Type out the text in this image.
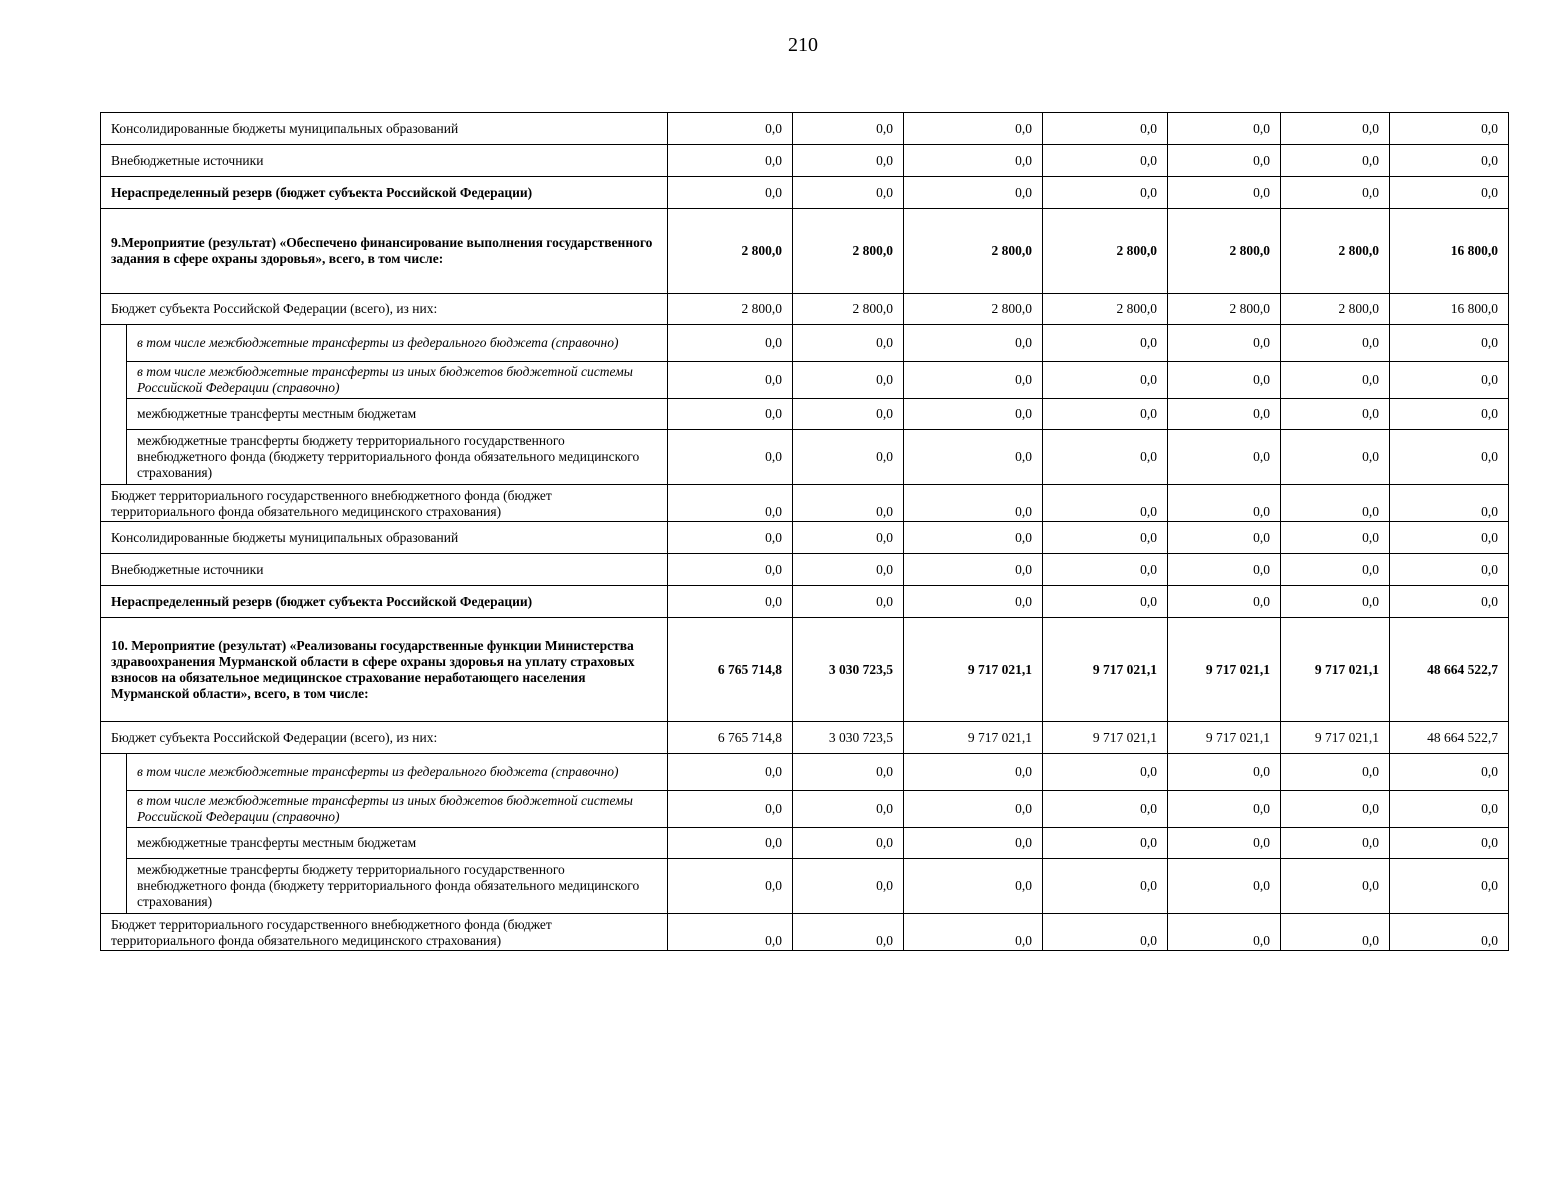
210
Консолидированные бюджеты муниципальных образований		0,0	0,0	0,0	0,0	0,0	0,0	0,0
Внебюджетные источники		0,0	0,0	0,0	0,0	0,0	0,0	0,0
Нераспределенный резерв (бюджет субъекта Российской Федерации)		0,0	0,0	0,0	0,0	0,0	0,0	0,0
9.Мероприятие (результат) «Обеспечено финансирование выполнения государственного задания в сфере охраны здоровья», всего, в том числе:		2 800,0	2 800,0	2 800,0	2 800,0	2 800,0	2 800,0	16 800,0
Бюджет субъекта Российской Федерации (всего), из них:		2 800,0	2 800,0	2 800,0	2 800,0	2 800,0	2 800,0	16 800,0
	в том числе межбюджетные трансферты из федерального бюджета (справочно)	0,0	0,0	0,0	0,0	0,0	0,0	0,0
	в том числе межбюджетные трансферты из иных бюджетов бюджетной системы Российской Федерации (справочно)	0,0	0,0	0,0	0,0	0,0	0,0	0,0
	межбюджетные трансферты местным бюджетам	0,0	0,0	0,0	0,0	0,0	0,0	0,0
	межбюджетные трансферты бюджету территориального государственного внебюджетного фонда (бюджету территориального фонда обязательного медицинского страхования)	0,0	0,0	0,0	0,0	0,0	0,0	0,0
Бюджет территориального государственного внебюджетного фонда (бюджет территориального фонда обязательного медицинского страхования)		0,0	0,0	0,0	0,0	0,0	0,0	0,0
Консолидированные бюджеты муниципальных образований		0,0	0,0	0,0	0,0	0,0	0,0	0,0
Внебюджетные источники		0,0	0,0	0,0	0,0	0,0	0,0	0,0
Нераспределенный резерв (бюджет субъекта Российской Федерации)		0,0	0,0	0,0	0,0	0,0	0,0	0,0
10. Мероприятие (результат) «Реализованы государственные функции Министерства здравоохранения Мурманской области в сфере охраны здоровья на уплату страховых взносов на обязательное медицинское страхование неработающего населения Мурманской области», всего, в том числе:		6 765 714,8	3 030 723,5	9 717 021,1	9 717 021,1	9 717 021,1	9 717 021,1	48 664 522,7
Бюджет субъекта Российской Федерации (всего), из них:		6 765 714,8	3 030 723,5	9 717 021,1	9 717 021,1	9 717 021,1	9 717 021,1	48 664 522,7
	в том числе межбюджетные трансферты из федерального бюджета (справочно)	0,0	0,0	0,0	0,0	0,0	0,0	0,0
	в том числе межбюджетные трансферты из иных бюджетов бюджетной системы Российской Федерации (справочно)	0,0	0,0	0,0	0,0	0,0	0,0	0,0
	межбюджетные трансферты местным бюджетам	0,0	0,0	0,0	0,0	0,0	0,0	0,0
	межбюджетные трансферты бюджету территориального государственного внебюджетного фонда (бюджету территориального фонда обязательного медицинского страхования)	0,0	0,0	0,0	0,0	0,0	0,0	0,0
Бюджет территориального государственного внебюджетного фонда (бюджет территориального фонда обязательного медицинского страхования)		0,0	0,0	0,0	0,0	0,0	0,0	0,0
